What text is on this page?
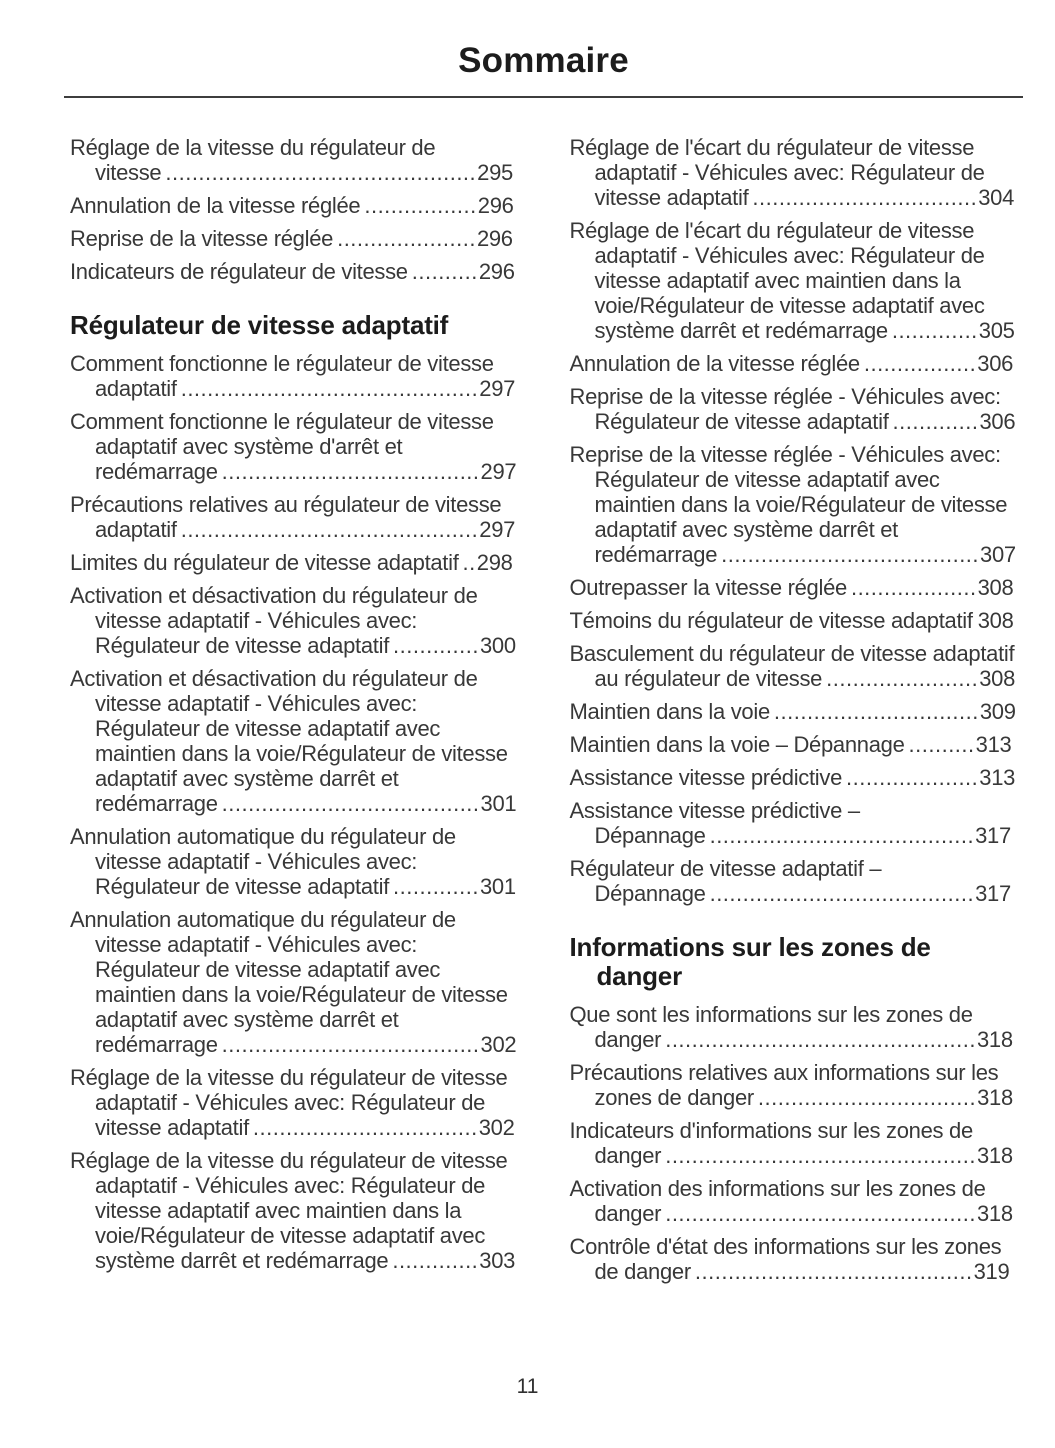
Sommaire

Réglage de la vitesse du régulateur de vitesse ...............................................295

Annulation de la vitesse réglée .................296

Reprise de la vitesse réglée .....................296

Indicateurs de régulateur de vitesse ..........296

Régulateur de vitesse adaptatif

Comment fonctionne le régulateur de vitesse adaptatif .............................................297

Comment fonctionne le régulateur de vitesse adaptatif avec système d'arrêt et redémarrage .......................................297

Précautions relatives au régulateur de vitesse adaptatif .............................................297

Limites du régulateur de vitesse adaptatif ..298

Activation et désactivation du régulateur de vitesse adaptatif - Véhicules avec: Régulateur de vitesse adaptatif .............300

Activation et désactivation du régulateur de vitesse adaptatif - Véhicules avec: Régulateur de vitesse adaptatif avec maintien dans la voie/Régulateur de vitesse adaptatif avec système darrêt et redémarrage .......................................301

Annulation automatique du régulateur de vitesse adaptatif - Véhicules avec: Régulateur de vitesse adaptatif .............301

Annulation automatique du régulateur de vitesse adaptatif - Véhicules avec: Régulateur de vitesse adaptatif avec maintien dans la voie/Régulateur de vitesse adaptatif avec système darrêt et redémarrage .......................................302

Réglage de la vitesse du régulateur de vitesse adaptatif - Véhicules avec: Régulateur de vitesse adaptatif ..................................302

Réglage de la vitesse du régulateur de vitesse adaptatif - Véhicules avec: Régulateur de vitesse adaptatif avec maintien dans la voie/Régulateur de vitesse adaptatif avec système darrêt et redémarrage .............303

Réglage de l'écart du régulateur de vitesse adaptatif - Véhicules avec: Régulateur de vitesse adaptatif ..................................304

Réglage de l'écart du régulateur de vitesse adaptatif - Véhicules avec: Régulateur de vitesse adaptatif avec maintien dans la voie/Régulateur de vitesse adaptatif avec système darrêt et redémarrage .............305

Annulation de la vitesse réglée .................306

Reprise de la vitesse réglée - Véhicules avec: Régulateur de vitesse adaptatif .............306

Reprise de la vitesse réglée - Véhicules avec: Régulateur de vitesse adaptatif avec maintien dans la voie/Régulateur de vitesse adaptatif avec système darrêt et redémarrage .......................................307

Outrepasser la vitesse réglée ...................308

Témoins du régulateur de vitesse adaptatif 308

Basculement du régulateur de vitesse adaptatif au régulateur de vitesse .......................308

Maintien dans la voie ...............................309

Maintien dans la voie – Dépannage ..........313

Assistance vitesse prédictive ....................313

Assistance vitesse prédictive – Dépannage ........................................317

Régulateur de vitesse adaptatif – Dépannage ........................................317

Informations sur les zones de danger

Que sont les informations sur les zones de danger ...............................................318

Précautions relatives aux informations sur les zones de danger .................................318

Indicateurs d'informations sur les zones de danger ...............................................318

Activation des informations sur les zones de danger ...............................................318

Contrôle d'état des informations sur les zones de danger ..........................................319

11
